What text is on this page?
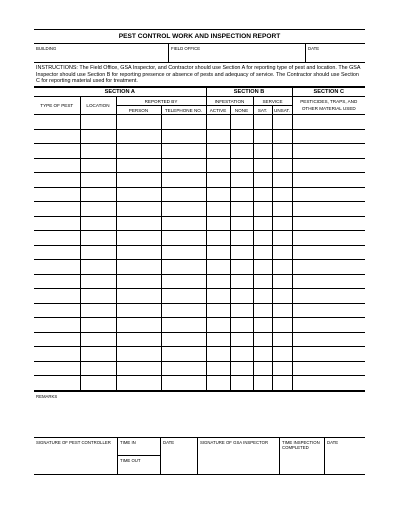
PEST CONTROL WORK AND INSPECTION REPORT
BUILDING	FIELD OFFICE	DATE
INSTRUCTIONS: The Field Office, GSA Inspector, and Contractor should use Section A for reporting type of pest and location. The GSA Inspector should use Section B for reporting presence or absence of pests and adequacy of service. The Contractor should use Section C for reporting material used for treatment.
SECTION A				SECTION B				SECTION C
TYPE OF PEST	LOCATION	REPORTED BY		INFESTATION		SERVICE		PESTICIDES, TRAPS, AND
OTHER MATERIAL USED
		PERSON	TELEPHONE NO.	ACTIVE	NONE	SAT.	UNSAT.	

REMARKS
SIGNATURE OF PEST CONTROLLER	TIME IN
TIME OUT
DATE	SIGNATURE OF GSA INSPECTOR	TIME INSPECTION COMPLETED
DATE
